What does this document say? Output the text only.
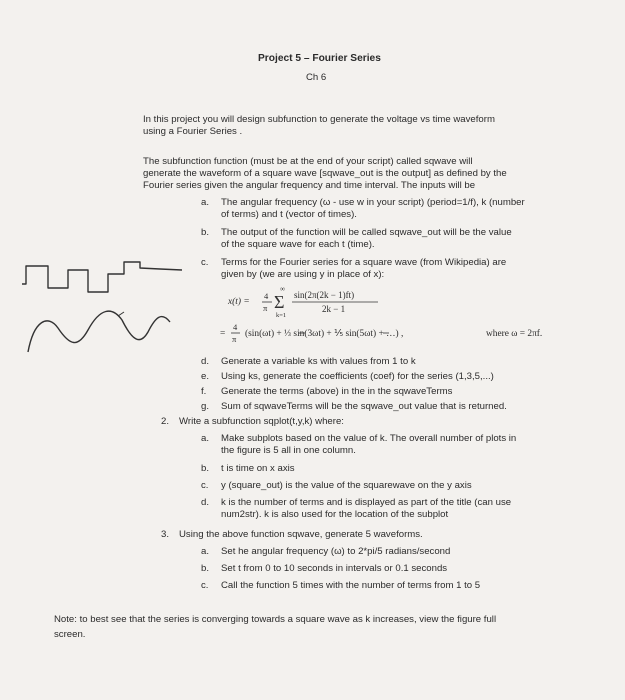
Project 5 – Fourier Series
Ch 6
In this project you will design subfunction to generate the voltage vs time waveform
using a Fourier Series .
The subfunction function (must be at the end of your script) called sqwave will
generate the waveform of a square wave [sqwave_out is the output] as defined by the
Fourier series given the angular frequency and time interval. The inputs will be
a. The angular frequency (ω - use w in your script) (period=1/f), k (number
of terms) and t (vector of times).
b. The output of the function will be called sqwave_out will be the value
of the square wave for each t (time).
c. Terms for the Fourier series for a square wave (from Wikipedia) are
given by (we are using y in place of x):
Σ
x(t) =
4
π
∞
k=1
sin(2π(2k − 1)ft)
2k − 1
=
4
π (sin(ωt) + ⅓ sin(3ωt) + ⅕ sin(5ωt) + …) ,	where ω = 2πf.
d. Generate a variable ks with values from 1 to k
e. Using ks, generate the coefficients (coef) for the series (1,3,5,...)
f. Generate the terms (above) in the in the sqwaveTerms
g. Sum of sqwaveTerms will be the sqwave_out value that is returned.
2. Write a subfunction sqplot(t,y,k) where:
a. Make subplots based on the value of k. The overall number of plots in
the figure is 5 all in one column.
b. t is time on x axis
c. y (square_out) is the value of the squarewave on the y axis
d. k is the number of terms and is displayed as part of the title (can use
num2str). k is also used for the location of the subplot
3. Using the above function sqwave, generate 5 waveforms.
a. Set he angular frequency (ω) to 2*pi/5 radians/second
b. Set t from 0 to 10 seconds in intervals or 0.1 seconds
c. Call the function 5 times with the number of terms from 1 to 5
Note: to best see that the series is converging towards a square wave as k increases, view the figure full
screen.
